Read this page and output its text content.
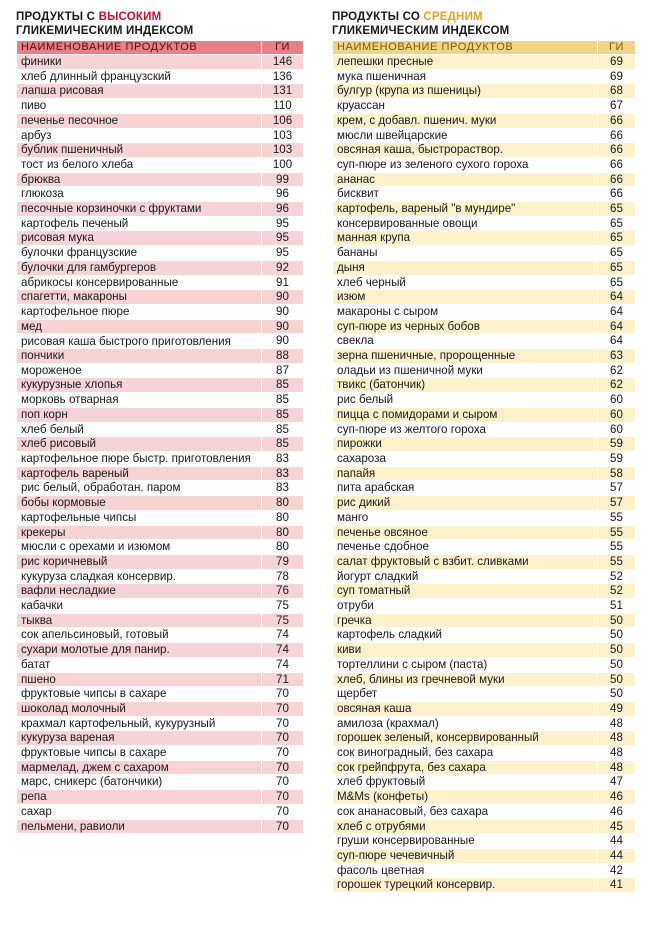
ПРОДУКТЫ С ВЫСОКИМ
ГЛИКЕМИЧЕСКИМ ИНДЕКСОМ
НАИМЕНОВАНИЕ ПРОДУКТОВ	ГИ
финики	146
хлеб длинный французский	136
лапша рисовая	131
пиво	110
печенье песочное	106
арбуз	103
бублик пшеничный	103
тост из белого хлеба	100
брюква	99
глюкоза	96
песочные корзиночки с фруктами	96
картофель печеный	95
рисовая мука	95
булочки французские	95
булочки для гамбургеров	92
абрикосы консервированные	91
спагетти, макароны	90
картофельное пюре	90
мед	90
рисовая каша быстрого приготовления	90
пончики	88
мороженое	87
кукурузные хлопья	85
морковь отварная	85
поп корн	85
хлеб белый	85
хлеб рисовый	85
картофельное пюре быстр. приготовления	83
картофель вареный	83
рис белый, обработан. паром	83
бобы кормовые	80
картофельные чипсы	80
крекеры	80
мюсли с орехами и изюмом	80
рис коричневый	79
кукуруза сладкая консервир.	78
вафли несладкие	76
кабачки	75
тыква	75
сок апельсиновый, готовый	74
сухари молотые для панир.	74
батат	74
пшено	71
фруктовые чипсы в сахаре	70
шоколад молочный	70
крахмал картофельный, кукурузный	70
кукуруза вареная	70
фруктовые чипсы в сахаре	70
мармелад, джем с сахаром	70
марс, сникерс (батончики)	70
репа	70
сахар	70
пельмени, равиоли	70
ПРОДУКТЫ СО СРЕДНИМ
ГЛИКЕМИЧЕСКИМ ИНДЕКСОМ
НАИМЕНОВАНИЕ ПРОДУКТОВ	ГИ
лепешки пресные	69
мука пшеничная	69
булгур (крупа из пшеницы)	68
круассан	67
крем, с добавл. пшенич. муки	66
мюсли швейцарские	66
овсяная каша, быстрораствор.	66
суп-пюре из зеленого сухого гороха	66
ананас	66
бисквит	66
картофель, вареный "в мундире"	65
консервированные овощи	65
манная крупа	65
бананы	65
дыня	65
хлеб черный	65
изюм	64
макароны с сыром	64
суп-пюре из черных бобов	64
свекла	64
зерна пшеничные, пророщенные	63
оладьи из пшеничной муки	62
твикс (батончик)	62
рис белый	60
пицца с помидорами и сыром	60
суп-пюре из желтого гороха	60
пирожки	59
сахароза	59
папайя	58
пита арабская	57
рис дикий	57
манго	55
печенье овсяное	55
печенье сдобное	55
салат фруктовый с взбит. сливками	55
йогурт сладкий	52
суп томатный	52
отруби	51
гречка	50
картофель сладкий	50
киви	50
тортеллини с сыром (паста)	50
хлеб, блины из гречневой муки	50
щербет	50
овсяная каша	49
амилоза (крахмал)	48
горошек зеленый, консервированный	48
сок виноградный, без сахара	48
сок грейпфрута, без сахара	48
хлеб фруктовый	47
M&Ms (конфеты)	46
сок ананасовый, без сахара	46
хлеб с отрубями	45
груши консервированные	44
суп-пюре чечевичный	44
фасоль цветная	42
горошек турецкий консервир.	41
